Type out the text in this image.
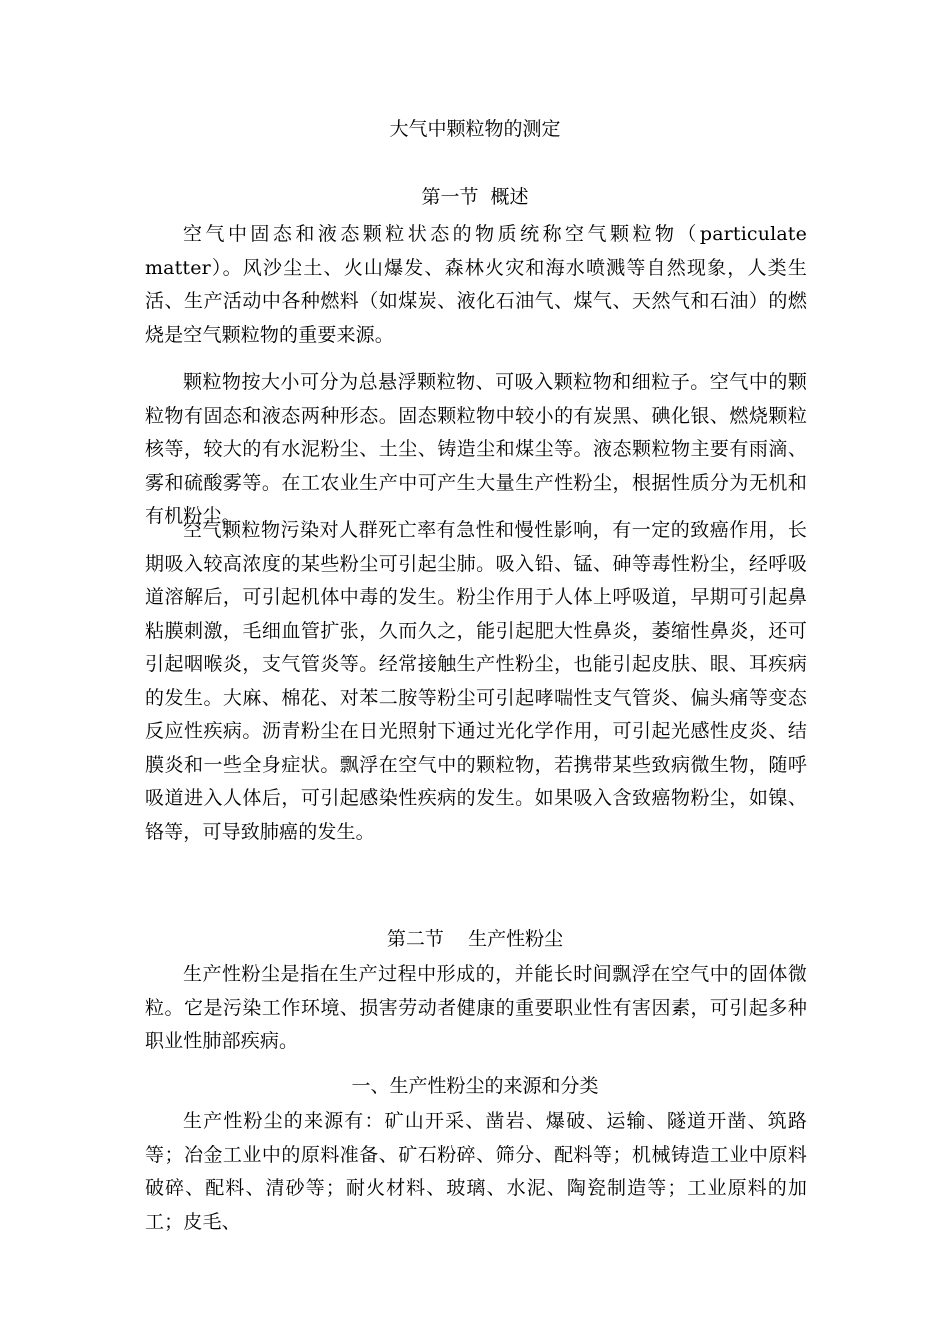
大气中颗粒物的测定
第一节  概述

空气中固态和液态颗粒状态的物质统称空气颗粒物（particulate matter）。风沙尘土、火山爆发、森林火灾和海水喷溅等自然现象，人类生活、生产活动中各种燃料（如煤炭、液化石油气、煤气、天然气和石油）的燃烧是空气颗粒物的重要来源。

颗粒物按大小可分为总悬浮颗粒物、可吸入颗粒物和细粒子。空气中的颗粒物有固态和液态两种形态。固态颗粒物中较小的有炭黑、碘化银、燃烧颗粒核等，较大的有水泥粉尘、土尘、铸造尘和煤尘等。液态颗粒物主要有雨滴、雾和硫酸雾等。在工农业生产中可产生大量生产性粉尘，根据性质分为无机和有机粉尘。

空气颗粒物污染对人群死亡率有急性和慢性影响，有一定的致癌作用，长期吸入较高浓度的某些粉尘可引起尘肺。吸入铅、锰、砷等毒性粉尘，经呼吸道溶解后，可引起机体中毒的发生。粉尘作用于人体上呼吸道，早期可引起鼻粘膜刺激，毛细血管扩张，久而久之，能引起肥大性鼻炎，萎缩性鼻炎，还可引起咽喉炎，支气管炎等。经常接触生产性粉尘，也能引起皮肤、眼、耳疾病的发生。大麻、棉花、对苯二胺等粉尘可引起哮喘性支气管炎、偏头痛等变态反应性疾病。沥青粉尘在日光照射下通过光化学作用，可引起光感性皮炎、结膜炎和一些全身症状。飘浮在空气中的颗粒物，若携带某些致病微生物，随呼吸道进入人体后，可引起感染性疾病的发生。如果吸入含致癌物粉尘，如镍、铬等，可导致肺癌的发生。

第二节    生产性粉尘

生产性粉尘是指在生产过程中形成的，并能长时间飘浮在空气中的固体微粒。它是污染工作环境、损害劳动者健康的重要职业性有害因素，可引起多种职业性肺部疾病。

一、生产性粉尘的来源和分类

生产性粉尘的来源有：矿山开采、凿岩、爆破、运输、隧道开凿、筑路等；冶金工业中的原料准备、矿石粉碎、筛分、配料等；机械铸造工业中原料破碎、配料、清砂等；耐火材料、玻璃、水泥、陶瓷制造等；工业原料的加工；皮毛、
